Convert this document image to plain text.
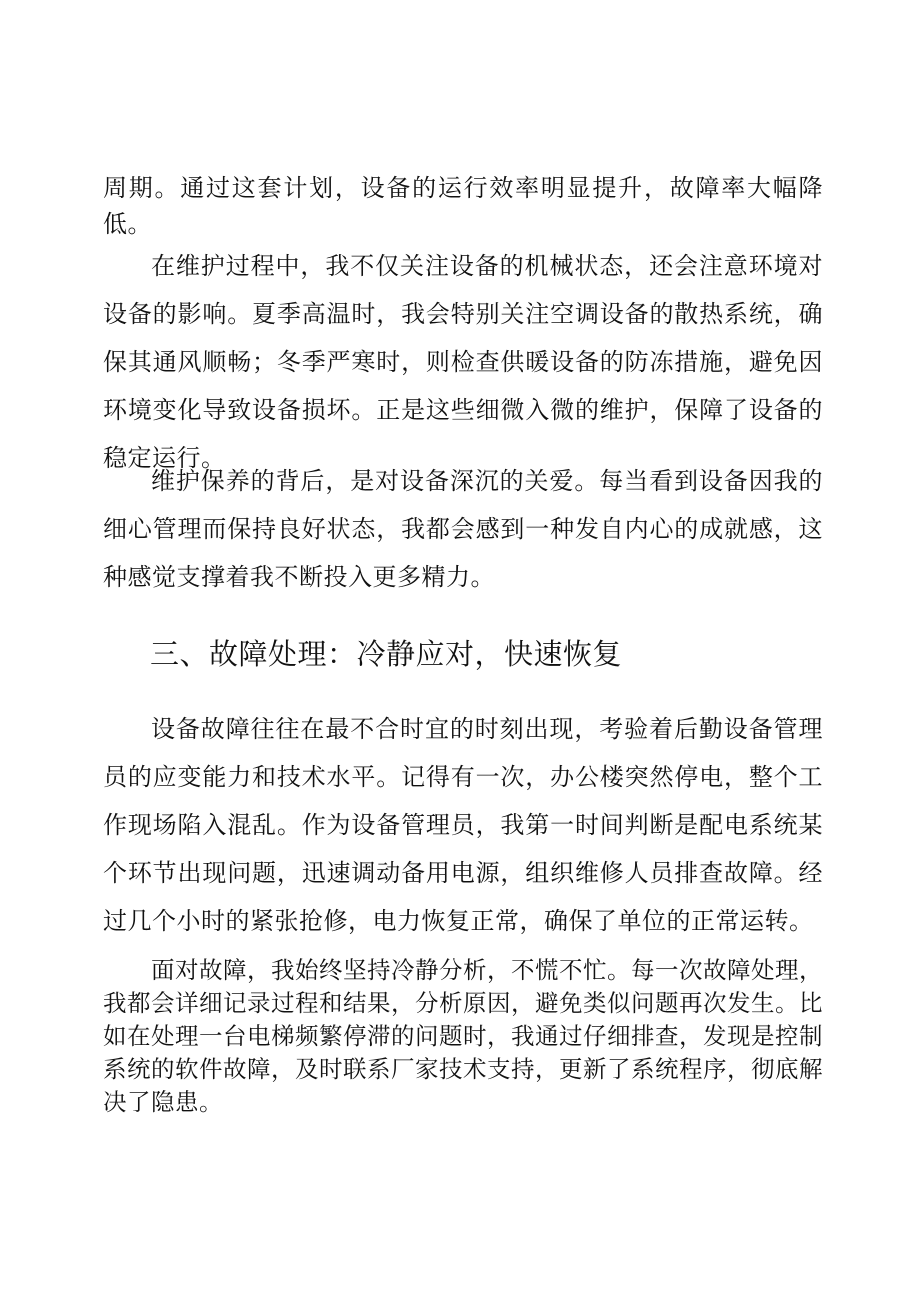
周期。通过这套计划，设备的运行效率明显提升，故障率大幅降低。

在维护过程中，我不仅关注设备的机械状态，还会注意环境对设备的影响。夏季高温时，我会特别关注空调设备的散热系统，确保其通风顺畅；冬季严寒时，则检查供暖设备的防冻措施，避免因环境变化导致设备损坏。正是这些细微入微的维护，保障了设备的稳定运行。

维护保养的背后，是对设备深沉的关爱。每当看到设备因我的细心管理而保持良好状态，我都会感到一种发自内心的成就感，这种感觉支撑着我不断投入更多精力。

三、故障处理：冷静应对，快速恢复

设备故障往往在最不合时宜的时刻出现，考验着后勤设备管理员的应变能力和技术水平。记得有一次，办公楼突然停电，整个工作现场陷入混乱。作为设备管理员，我第一时间判断是配电系统某个环节出现问题，迅速调动备用电源，组织维修人员排查故障。经过几个小时的紧张抢修，电力恢复正常，确保了单位的正常运转。

面对故障，我始终坚持冷静分析，不慌不忙。每一次故障处理，我都会详细记录过程和结果，分析原因，避免类似问题再次发生。比如在处理一台电梯频繁停滞的问题时，我通过仔细排查，发现是控制系统的软件故障，及时联系厂家技术支持，更新了系统程序，彻底解决了隐患。
